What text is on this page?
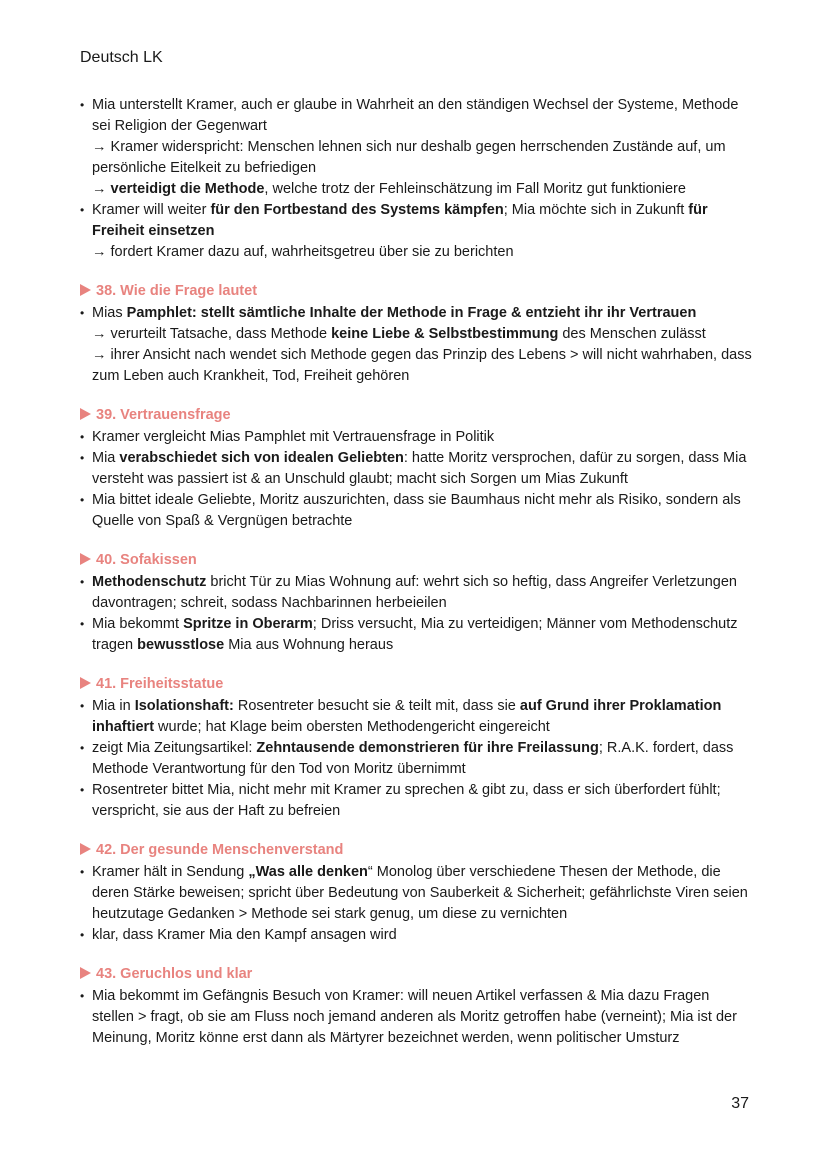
Deutsch LK
• Mia unterstellt Kramer, auch er glaube in Wahrheit an den ständigen Wechsel der Systeme, Methode sei Religion der Gegenwart
→ Kramer widerspricht: Menschen lehnen sich nur deshalb gegen herrschenden Zustände auf, um persönliche Eitelkeit zu befriedigen
→ verteidigt die Methode, welche trotz der Fehleinschätzung im Fall Moritz gut funktioniere
• Kramer will weiter für den Fortbestand des Systems kämpfen; Mia möchte sich in Zukunft für Freiheit einsetzen
→ fordert Kramer dazu auf, wahrheitsgetreu über sie zu berichten
38. Wie die Frage lautet
• Mias Pamphlet: stellt sämtliche Inhalte der Methode in Frage & entzieht ihr ihr Vertrauen
→ verurteilt Tatsache, dass Methode keine Liebe & Selbstbestimmung des Menschen zulässt
→ ihrer Ansicht nach wendet sich Methode gegen das Prinzip des Lebens > will nicht wahrhaben, dass zum Leben auch Krankheit, Tod, Freiheit gehören
39. Vertrauensfrage
• Kramer vergleicht Mias Pamphlet mit Vertrauensfrage in Politik
• Mia verabschiedet sich von idealen Geliebten: hatte Moritz versprochen, dafür zu sorgen, dass Mia versteht was passiert ist & an Unschuld glaubt; macht sich Sorgen um Mias Zukunft
• Mia bittet ideale Geliebte, Moritz auszurichten, dass sie Baumhaus nicht mehr als Risiko, sondern als Quelle von Spaß & Vergnügen betrachte
40. Sofakissen
• Methodenschutz bricht Tür zu Mias Wohnung auf: wehrt sich so heftig, dass Angreifer Verletzungen davontragen; schreit, sodass Nachbarinnen herbeieilen
• Mia bekommt Spritze in Oberarm; Driss versucht, Mia zu verteidigen; Männer vom Methodenschutz tragen bewusstlose Mia aus Wohnung heraus
41. Freiheitsstatue
• Mia in Isolationshaft: Rosentreter besucht sie & teilt mit, dass sie auf Grund ihrer Proklamation inhaftiert wurde; hat Klage beim obersten Methodengericht eingereicht
• zeigt Mia Zeitungsartikel: Zehntausende demonstrieren für ihre Freilassung; R.A.K. fordert, dass Methode Verantwortung für den Tod von Moritz übernimmt
• Rosentreter bittet Mia, nicht mehr mit Kramer zu sprechen & gibt zu, dass er sich überfordert fühlt; verspricht, sie aus der Haft zu befreien
42. Der gesunde Menschenverstand
• Kramer hält in Sendung „Was alle denken“ Monolog über verschiedene Thesen der Methode, die deren Stärke beweisen; spricht über Bedeutung von Sauberkeit & Sicherheit; gefährlichste Viren seien heutzutage Gedanken > Methode sei stark genug, um diese zu vernichten
• klar, dass Kramer Mia den Kampf ansagen wird
43. Geruchlos und klar
• Mia bekommt im Gefängnis Besuch von Kramer: will neuen Artikel verfassen & Mia dazu Fragen stellen > fragt, ob sie am Fluss noch jemand anderen als Moritz getroffen habe (verneint); Mia ist der Meinung, Moritz könne erst dann als Märtyrer bezeichnet werden, wenn politischer Umsturz
37
